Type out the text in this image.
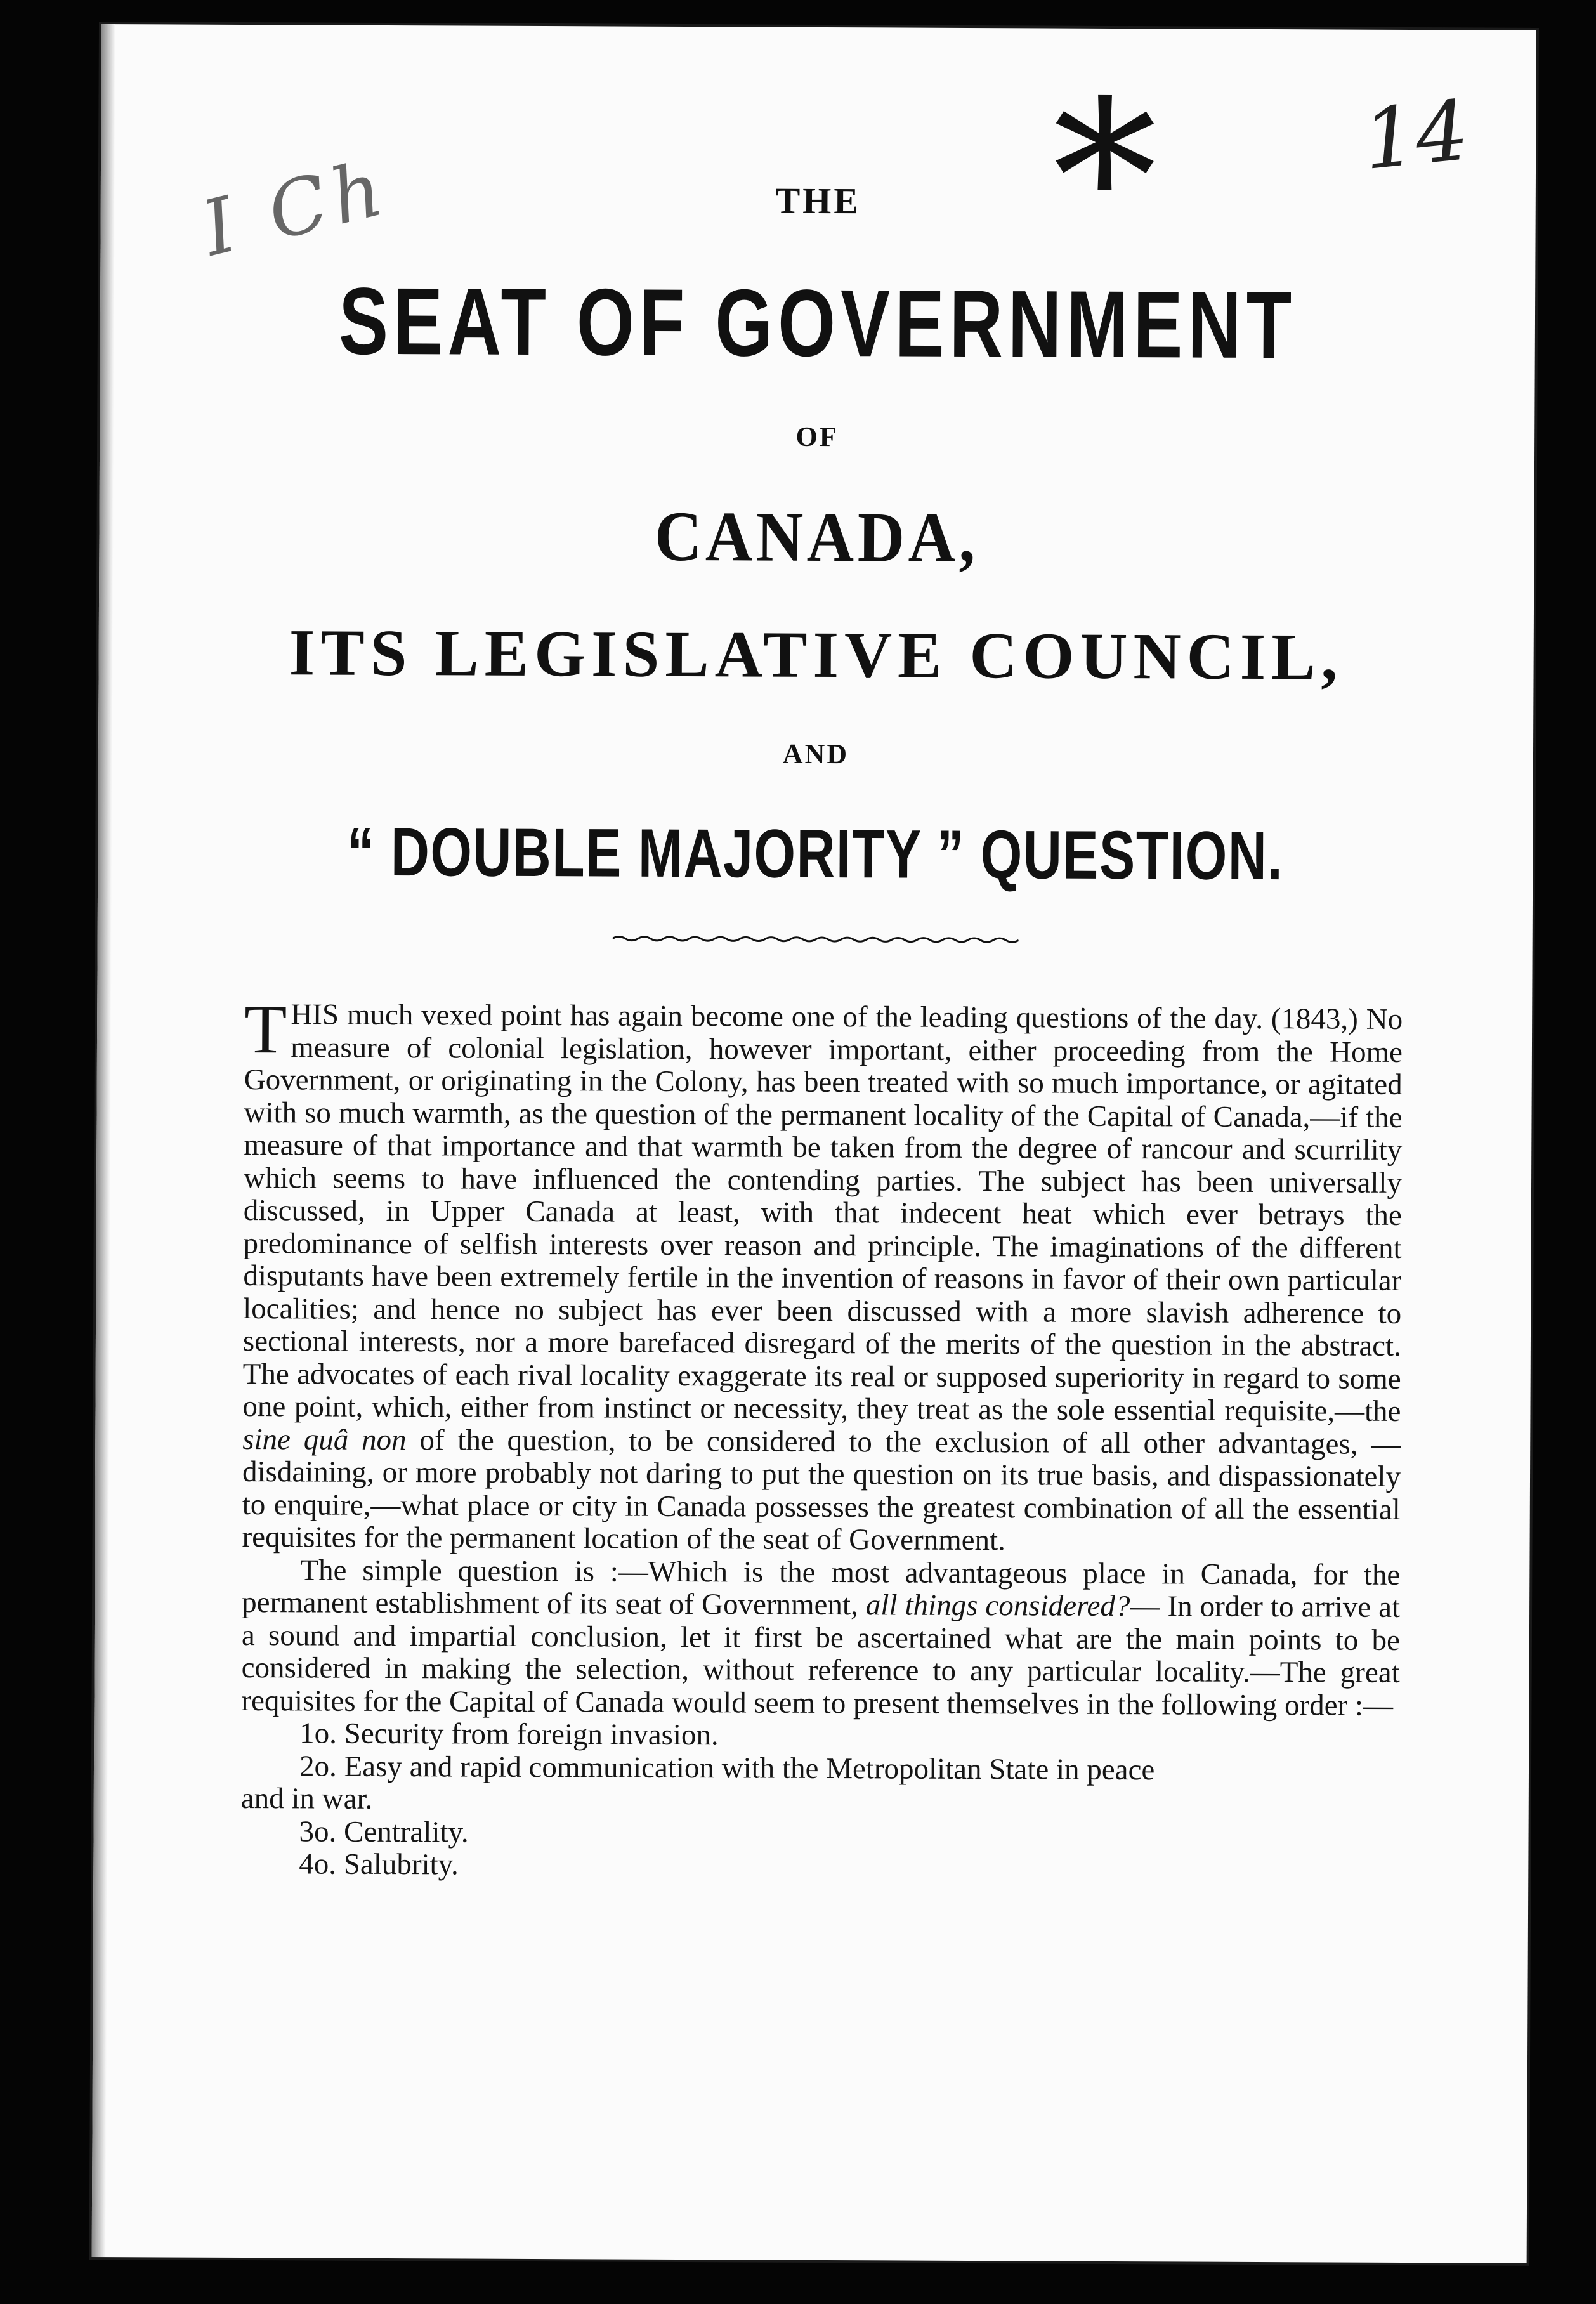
I Ch	* 14
THE
SEAT OF GOVERNMENT
OF
CANADA,
ITS LEGISLATIVE COUNCIL,
AND
“ DOUBLE MAJORITY ” QUESTION.

THIS much vexed point has again become one of the leading questions of the day. (1843,) No measure of colonial legislation, however important, either proceeding from the Home Government, or originating in the Colony, has been treated with so much importance, or agitated with so much warmth, as the question of the permanent locality of the Capital of Canada,—if the measure of that importance and that warmth be taken from the degree of rancour and scurrility which seems to have influenced the contending parties. The subject has been universally discussed, in Upper Canada at least, with that indecent heat which ever betrays the predominance of selfish interests over reason and principle. The imaginations of the different disputants have been extremely fertile in the invention of reasons in favor of their own particular localities; and hence no subject has ever been discussed with a more slavish adherence to sectional interests, nor a more barefaced disregard of the merits of the question in the abstract. The advocates of each rival locality exaggerate its real or supposed superiority in regard to some one point, which, either from instinct or necessity, they treat as the sole essential requisite,—the sine quâ non of the question, to be considered to the exclusion of all other advantages, —disdaining, or more probably not daring to put the question on its true basis, and dispassionately to enquire,—what place or city in Canada possesses the greatest combination of all the essential requisites for the permanent location of the seat of Government.

The simple question is :—Which is the most advantageous place in Canada, for the permanent establishment of its seat of Government, all things considered?— In order to arrive at a sound and impartial conclusion, let it first be ascertained what are the main points to be considered in making the selection, without reference to any particular locality.—The great requisites for the Capital of Canada would seem to present themselves in the following order :—

1o. Security from foreign invasion.

2o. Easy and rapid communication with the Metropolitan State in peace

and in war.

3o. Centrality.

4o. Salubrity.
